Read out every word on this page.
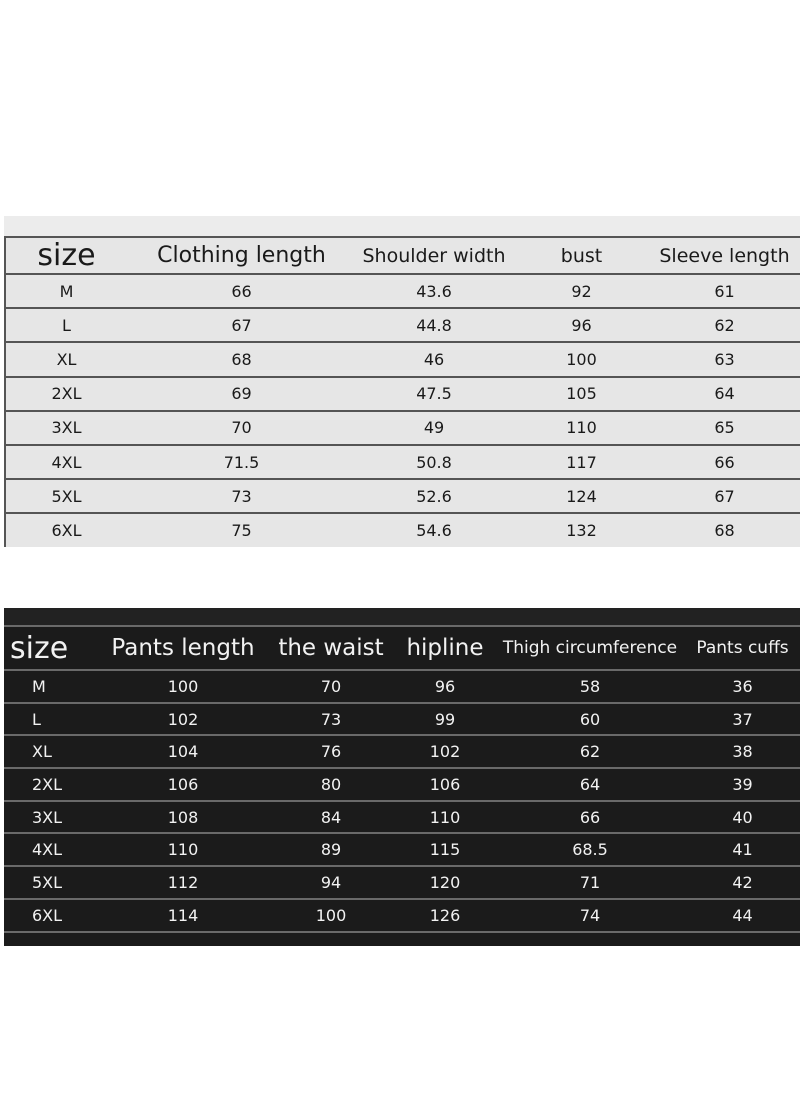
size	Clothing length	Shoulder width	bust	Sleeve length
M	66	43.6	92	61
L	67	44.8	96	62
XL	68	46	100	63
2XL	69	47.5	105	64
3XL	70	49	110	65
4XL	71.5	50.8	117	66
5XL	73	52.6	124	67
6XL	75	54.6	132	68
size	Pants length	the waist	hipline	Thigh circumference	Pants cuffs
M	100	70	96	58	36
L	102	73	99	60	37
XL	104	76	102	62	38
2XL	106	80	106	64	39
3XL	108	84	110	66	40
4XL	110	89	115	68.5	41
5XL	112	94	120	71	42
6XL	114	100	126	74	44
